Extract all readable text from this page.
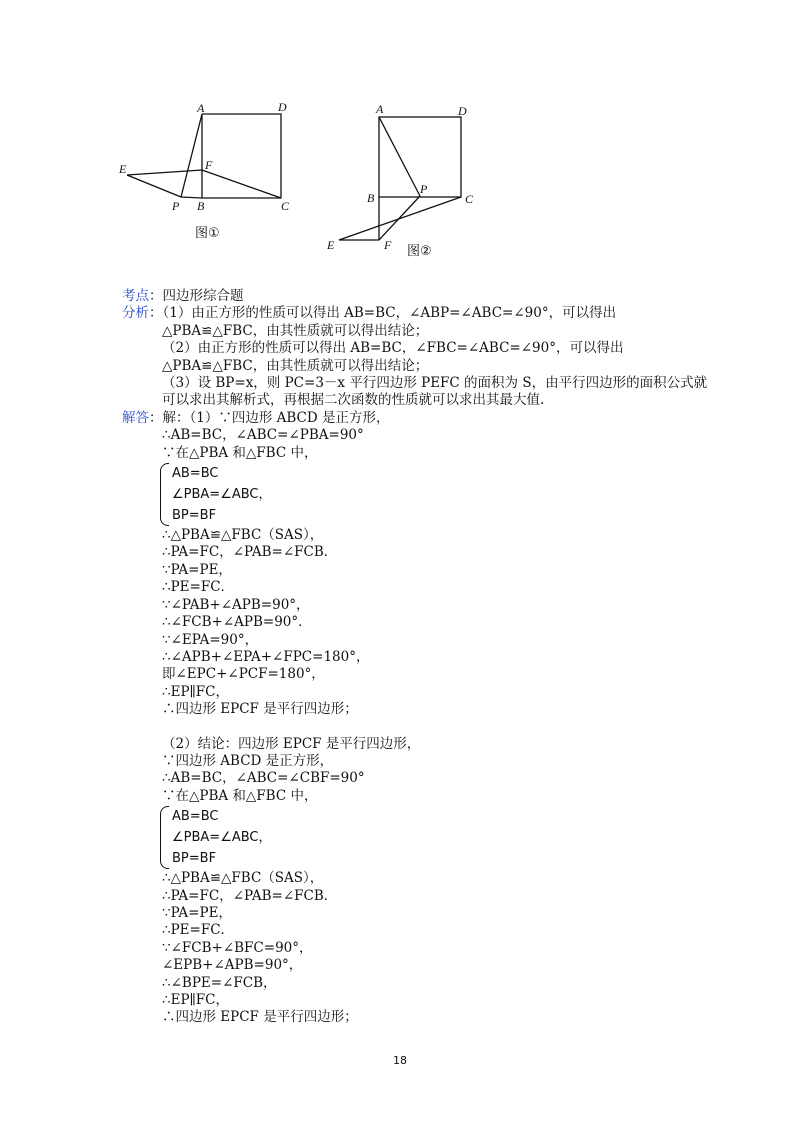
A	D
E	F
P B	C
A	D
B
P
C
E	F
图①
图②
考点：四边形综合题
分析：（1）由正方形的性质可以得出 AB=BC，∠ABP=∠ABC=∠90°，可以得出
△PBA≌△FBC，由其性质就可以得出结论；
（2）由正方形的性质可以得出 AB=BC，∠FBC=∠ABC=∠90°，可以得出
△PBA≌△FBC，由其性质就可以得出结论；
（3）设 BP=x，则 PC=3－x 平行四边形 PEFC 的面积为 S，由平行四边形的面积公式就
可以求出其解析式，再根据二次函数的性质就可以求出其最大值.
解答：解：（1）∵四边形 ABCD 是正方形，
∴AB=BC，∠ABC=∠PBA=90°
∵在△PBA 和△FBC 中，
AB=BC
∠PBA=∠ABC，
BP=BF
∴△PBA≌△FBC（SAS），
∴PA=FC，∠PAB=∠FCB．
∵PA=PE，
∴PE=FC．
∵∠PAB+∠APB=90°，
∴∠FCB+∠APB=90°．
∵∠EPA=90°，
∴∠APB+∠EPA+∠FPC=180°，
即∠EPC+∠PCF=180°，
∴EP∥FC，
∴四边形 EPCF 是平行四边形；
（2）结论：四边形 EPCF 是平行四边形，
∵四边形 ABCD 是正方形，
∴AB=BC，∠ABC=∠CBF=90°
∵在△PBA 和△FBC 中，
AB=BC
∠PBA=∠ABC，
BP=BF
∴△PBA≌△FBC（SAS），
∴PA=FC，∠PAB=∠FCB．
∵PA=PE，
∴PE=FC．
∵∠FCB+∠BFC=90°，
∠EPB+∠APB=90°，
∴∠BPE=∠FCB，
∴EP∥FC，
∴四边形 EPCF 是平行四边形；
18
